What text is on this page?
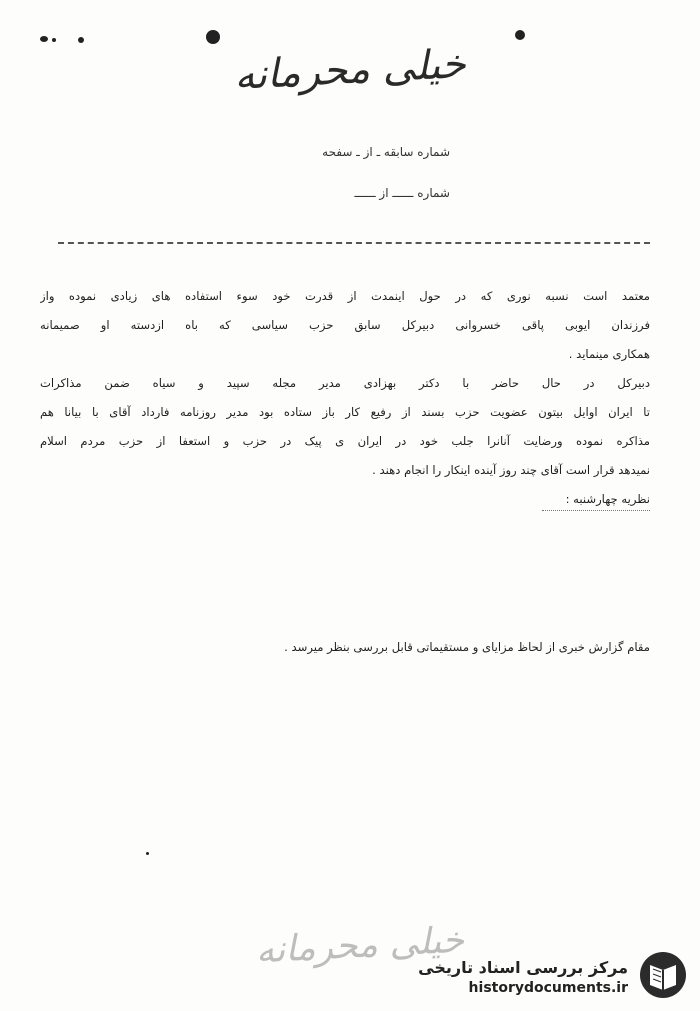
خیلی محرمانه
شماره سابقه ـ از ـ سفحه
شماره ــــــ از ــــــ
معتمد است نسبه نوری که در حول اینمدت از قدرت خود سوء استفاده های زیادی نموده واز
فرزندان ایوبی پاقی خسروانی دبیرکل سابق حزب سیاسی که باه ازدسته او صمیمانه
همکاری مینماید .
دبیرکل در حال حاضر با دکتر بهزادی مدیر مجله سپید و سیاه ضمن مذاکرات
تا ایران اوایل بیتون عضویت حزب بسند از رفیع کار باز ستاده بود مدیر روزنامه فارداد آقای با بیانا هم
مذاکره نموده ورضایت آنانرا جلب خود در ایران ی پیک در حزب و استعفا از حزب مردم اسلام
نمیدهد قرار است آقای چند روز آینده اینکار را انجام دهند .
نظریه چهارشنبه :
مقام گزارش خبری از لحاظ مزایای و مستقیماتی قابل بررسی بنظر میرسد .
خیلی محرمانه
مرکز بررسی اسناد تاریخی
historydocuments.ir
